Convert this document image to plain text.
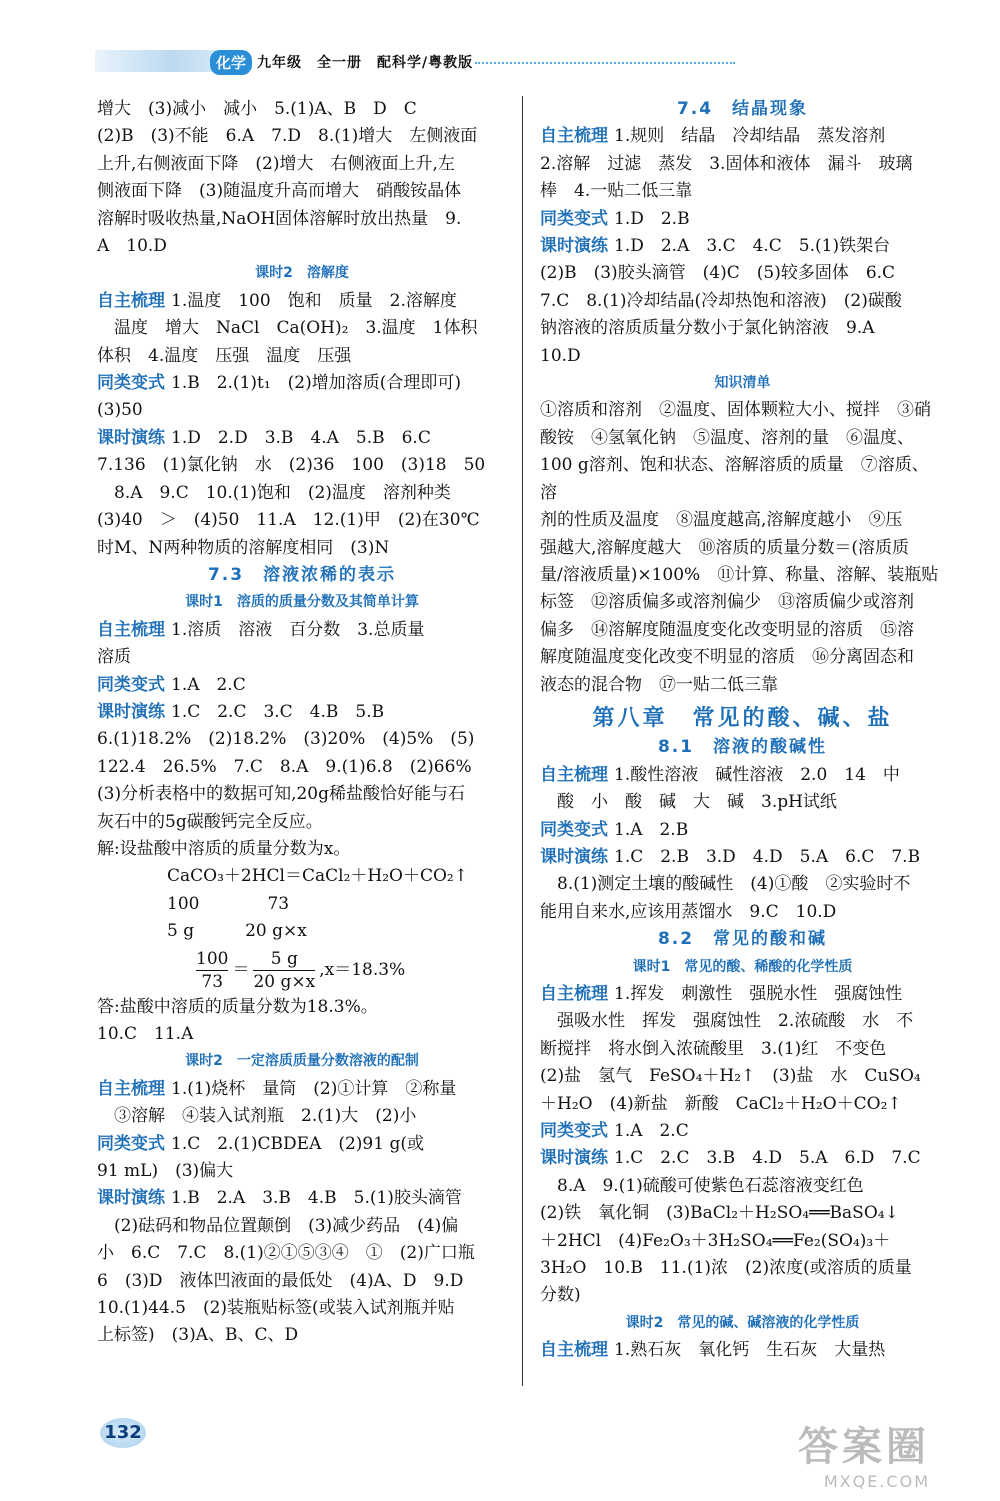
化学 九年级　全一册　配科学/粤教版

增大　(3)减小　减小　5.(1)A、B　D　C

(2)B　(3)不能　6.A　7.D　8.(1)增大　左侧液面

上升,右侧液面下降　(2)增大　右侧液面上升,左

侧液面下降　(3)随温度升高而增大　硝酸铵晶体

溶解时吸收热量,NaOH固体溶解时放出热量　9.

A　10.D

课时2　溶解度

自主梳理 1.温度　100　饱和　质量　2.溶解度

温度　增大　NaCl　Ca(OH)₂　3.温度　1体积

体积　4.温度　压强　温度　压强

同类变式 1.B　2.(1)t₁　(2)增加溶质(合理即可)

(3)50

课时演练 1.D　2.D　3.B　4.A　5.B　6.C

7.136　(1)氯化钠　水　(2)36　100　(3)18　50

8.A　9.C　10.(1)饱和　(2)温度　溶剂种类

(3)40　＞　(4)50　11.A　12.(1)甲　(2)在30℃

时M、N两种物质的溶解度相同　(3)N

7.3　溶液浓稀的表示

课时1　溶质的质量分数及其简单计算

自主梳理 1.溶质　溶液　百分数　3.总质量

溶质

同类变式 1.A　2.C

课时演练 1.C　2.C　3.C　4.B　5.B

6.(1)18.2%　(2)18.2%　(3)20%　(4)5%　(5)

122.4　26.5%　7.C　8.A　9.(1)6.8　(2)66%

(3)分析表格中的数据可知,20g稀盐酸恰好能与石

灰石中的5g碳酸钙完全反应。

解:设盐酸中溶质的质量分数为x。

CaCO₃＋2HCl＝CaCl₂＋H₂O＋CO₂↑

100　　　　73

5 g　　　20 g×x

$\frac{100}{73} = \frac{5 g}{20 g\times x} ,x=18.3\%$

答:盐酸中溶质的质量分数为18.3%。

10.C　11.A

课时2　一定溶质质量分数溶液的配制

自主梳理 1.(1)烧杯　量筒　(2)①计算　②称量

③溶解　④装入试剂瓶　2.(1)大　(2)小

同类变式 1.C　2.(1)CBDEA　(2)91 g(或

91 mL)　(3)偏大

课时演练 1.B　2.A　3.B　4.B　5.(1)胶头滴管

(2)砝码和物品位置颠倒　(3)减少药品　(4)偏

小　6.C　7.C　8.(1)②①⑤③④　①　(2)广口瓶

6　(3)D　液体凹液面的最低处　(4)A、D　9.D

10.(1)44.5　(2)装瓶贴标签(或装入试剂瓶并贴

上标签)　(3)A、B、C、D

7.4　结晶现象

自主梳理 1.规则　结晶　冷却结晶　蒸发溶剂

2.溶解　过滤　蒸发　3.固体和液体　漏斗　玻璃

棒　4.一贴二低三靠

同类变式 1.D　2.B

课时演练 1.D　2.A　3.C　4.C　5.(1)铁架台

(2)B　(3)胶头滴管　(4)C　(5)较多固体　6.C

7.C　8.(1)冷却结晶(冷却热饱和溶液)　(2)碳酸

钠溶液的溶质质量分数小于氯化钠溶液　9.A

10.D

知识清单

①溶质和溶剂　②温度、固体颗粒大小、搅拌　③硝

酸铵　④氢氧化钠　⑤温度、溶剂的量　⑥温度、

100 g溶剂、饱和状态、溶解溶质的质量　⑦溶质、溶

剂的性质及温度　⑧温度越高,溶解度越小　⑨压

强越大,溶解度越大　⑩溶质的质量分数＝(溶质质

量/溶液质量)×100%　⑪计算、称量、溶解、装瓶贴

标签　⑫溶质偏多或溶剂偏少　⑬溶质偏少或溶剂

偏多　⑭溶解度随温度变化改变明显的溶质　⑮溶

解度随温度变化改变不明显的溶质　⑯分离固态和

液态的混合物　⑰一贴二低三靠

第八章　常见的酸、碱、盐

8.1　溶液的酸碱性

自主梳理 1.酸性溶液　碱性溶液　2.0　14　中

酸　小　酸　碱　大　碱　3.pH试纸

同类变式 1.A　2.B

课时演练 1.C　2.B　3.D　4.D　5.A　6.C　7.B

8.(1)测定土壤的酸碱性　(4)①酸　②实验时不

能用自来水,应该用蒸馏水　9.C　10.D

8.2　常见的酸和碱

课时1　常见的酸、稀酸的化学性质

自主梳理 1.挥发　刺激性　强脱水性　强腐蚀性

强吸水性　挥发　强腐蚀性　2.浓硫酸　水　不

断搅拌　将水倒入浓硫酸里　3.(1)红　不变色

(2)盐　氢气　FeSO₄＋H₂↑　(3)盐　水　CuSO₄

＋H₂O　(4)新盐　新酸　CaCl₂＋H₂O＋CO₂↑

同类变式 1.A　2.C

课时演练 1.C　2.C　3.B　4.D　5.A　6.D　7.C

8.A　9.(1)硫酸可使紫色石蕊溶液变红色

(2)铁　氧化铜　(3)BaCl₂＋H₂SO₄══BaSO₄↓

＋2HCl　(4)Fe₂O₃＋3H₂SO₄══Fe₂(SO₄)₃＋

3H₂O　10.B　11.(1)浓　(2)浓度(或溶质的质量

分数)

课时2　常见的碱、碱溶液的化学性质

自主梳理 1.熟石灰　氧化钙　生石灰　大量热

132	答案圈
MXQE.COM
